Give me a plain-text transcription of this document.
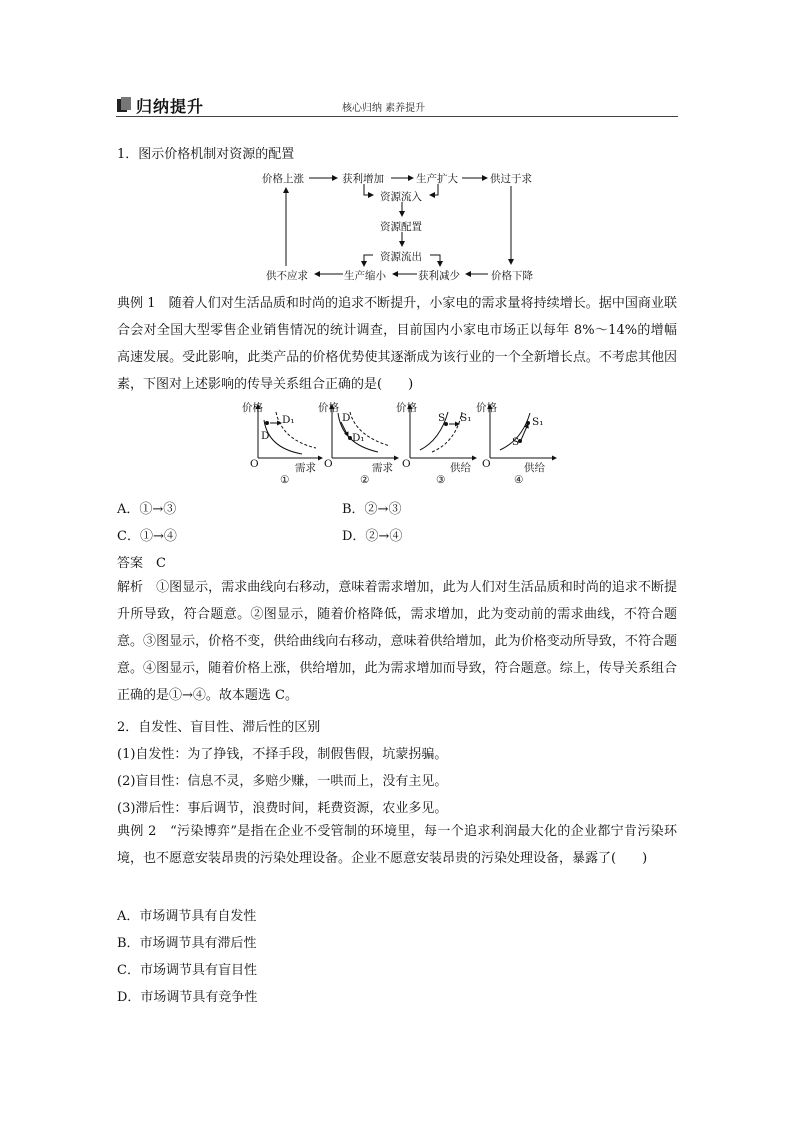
归纳提升	核心归纳 素养提升
1．图示价格机制对资源的配置
价格上涨	获利增加	生产扩大	供过于求
资源流入
资源配置
资源流出
供不应求	生产缩小	获利减少	价格下降
典例 1　随着人们对生活品质和时尚的追求不断提升，小家电的需求量将持续增长。据中国商业联合会对全国大型零售企业销售情况的统计调查，目前国内小家电市场正以每年 8%～14%的增幅高速发展。受此影响，此类产品的价格优势使其逐渐成为该行业的一个全新增长点。不考虑其他因素，下图对上述影响的传导关系组合正确的是(　　)
价格
O	需求
D
D₁
①
价格
O	需求
D
D₁
②
价格
O	供给
S S₁
③
价格
O	供给
S
S₁
④
A．①→③	B．②→③
C．①→④	D．②→④
答案　C
解析　①图显示，需求曲线向右移动，意味着需求增加，此为人们对生活品质和时尚的追求不断提升所导致，符合题意。②图显示，随着价格降低，需求增加，此为变动前的需求曲线，不符合题意。③图显示，价格不变，供给曲线向右移动，意味着供给增加，此为价格变动所导致，不符合题意。④图显示，随着价格上涨，供给增加，此为需求增加而导致，符合题意。综上，传导关系组合正确的是①→④。故本题选 C。
2．自发性、盲目性、滞后性的区别
(1)自发性：为了挣钱，不择手段，制假售假，坑蒙拐骗。
(2)盲目性：信息不灵，多赔少赚，一哄而上，没有主见。
(3)滞后性：事后调节，浪费时间，耗费资源，农业多见。
典例 2　“污染博弈”是指在企业不受管制的环境里，每一个追求利润最大化的企业都宁肯污染环境，也不愿意安装昂贵的污染处理设备。企业不愿意安装昂贵的污染处理设备，暴露了(　　)
A．市场调节具有自发性
B．市场调节具有滞后性
C．市场调节具有盲目性
D．市场调节具有竞争性
